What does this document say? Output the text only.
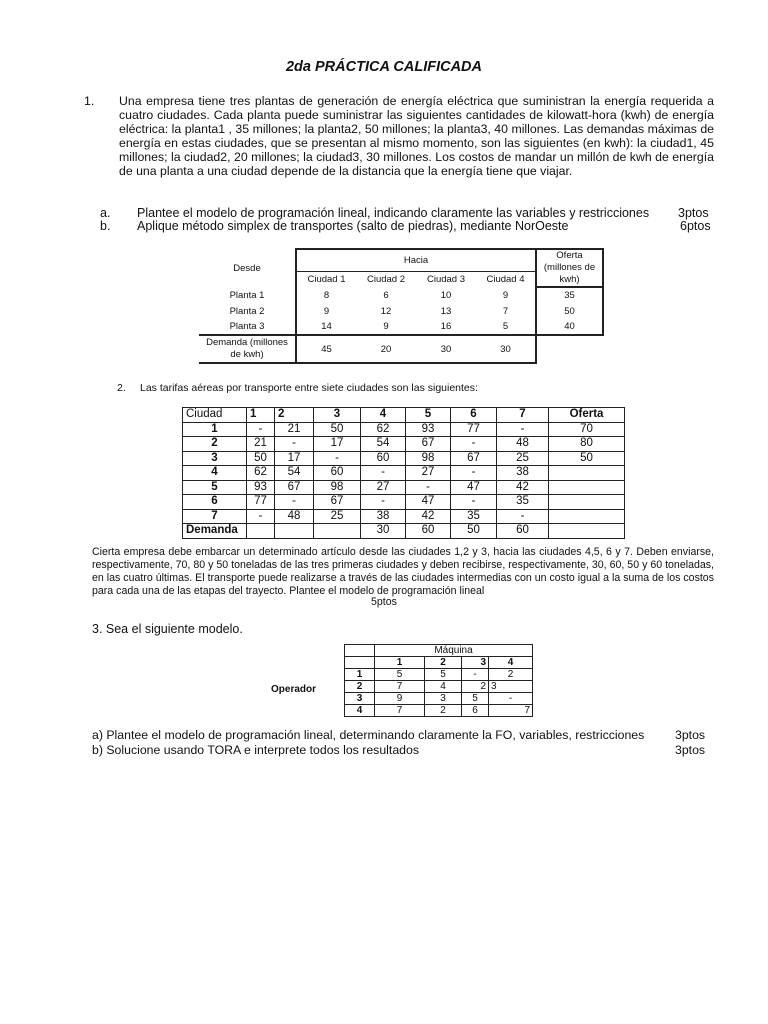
2da PRÁCTICA CALIFICADA
1. Una empresa tiene tres plantas de generación de energía eléctrica que suministran la energía requerida a cuatro ciudades. Cada planta puede suministrar las siguientes cantidades de kilowatt-hora (kwh) de energía eléctrica: la planta1 , 35 millones; la planta2, 50 millones; la planta3, 40 millones. Las demandas máximas de energía en estas ciudades, que se presentan al mismo momento, son las siguientes (en kwh): la ciudad1, 45 millones; la ciudad2, 20 millones; la ciudad3, 30 millones. Los costos de mandar un millón de kwh de energía de una planta a una ciudad depende de la distancia que la energía tiene que viajar.
a. Plantee el modelo de programación lineal, indicando claramente las variables y restricciones 3ptos
b. Aplique método simplex de transportes (salto de piedras), mediante NorOeste	6ptos
Desde	Hacia				Oferta (millones de kwh)
	Ciudad 1	Ciudad 2	Ciudad 3	Ciudad 4	
Planta 1	8	6	10	9	35
Planta 2	9	12	13	7	50
Planta 3	14	9	16	5	40
Demanda (millones de kwh)	45	20	30	30	
2. Las tarifas aéreas por transporte entre siete ciudades son las siguientes:
Ciudad	1	2	3	4	5	6	7	Oferta
1	-	21	50	62	93	77	-	70
2	21	-	17	54	67	-	48	80
3	50	17	-	60	98	67	25	50
4	62	54	60	-	27	-	38	
5	93	67	98	27	-	47	42	
6	77	-	67	-	47	-	35	
7	-	48	25	38	42	35	-	
Demanda				30	60	50	60	
Cierta empresa debe embarcar un determinado artículo desde las ciudades 1,2 y 3, hacia las ciudades 4,5, 6 y 7. Deben enviarse, respectivamente, 70, 80 y 50 toneladas de las tres primeras ciudades y deben recibirse, respectivamente, 30, 60, 50 y 60 toneladas, en las cuatro últimas. El transporte puede realizarse a través de las ciudades intermedias con un costo igual a la suma de los costos para cada una de las etapas del trayecto. Plantee el modelo de programación lineal
5ptos
3. Sea el siguiente modelo.
Operador
	Máquina			
	1	2	3	4
1	5	5	-	2
2	7	4	2	3
3	9	3	5	-
4	7	2	6	7
a) Plantee el modelo de programación lineal, determinando claramente la FO, variables, restricciones 3ptos
b) Solucione usando TORA e interprete todos los resultados	3ptos
